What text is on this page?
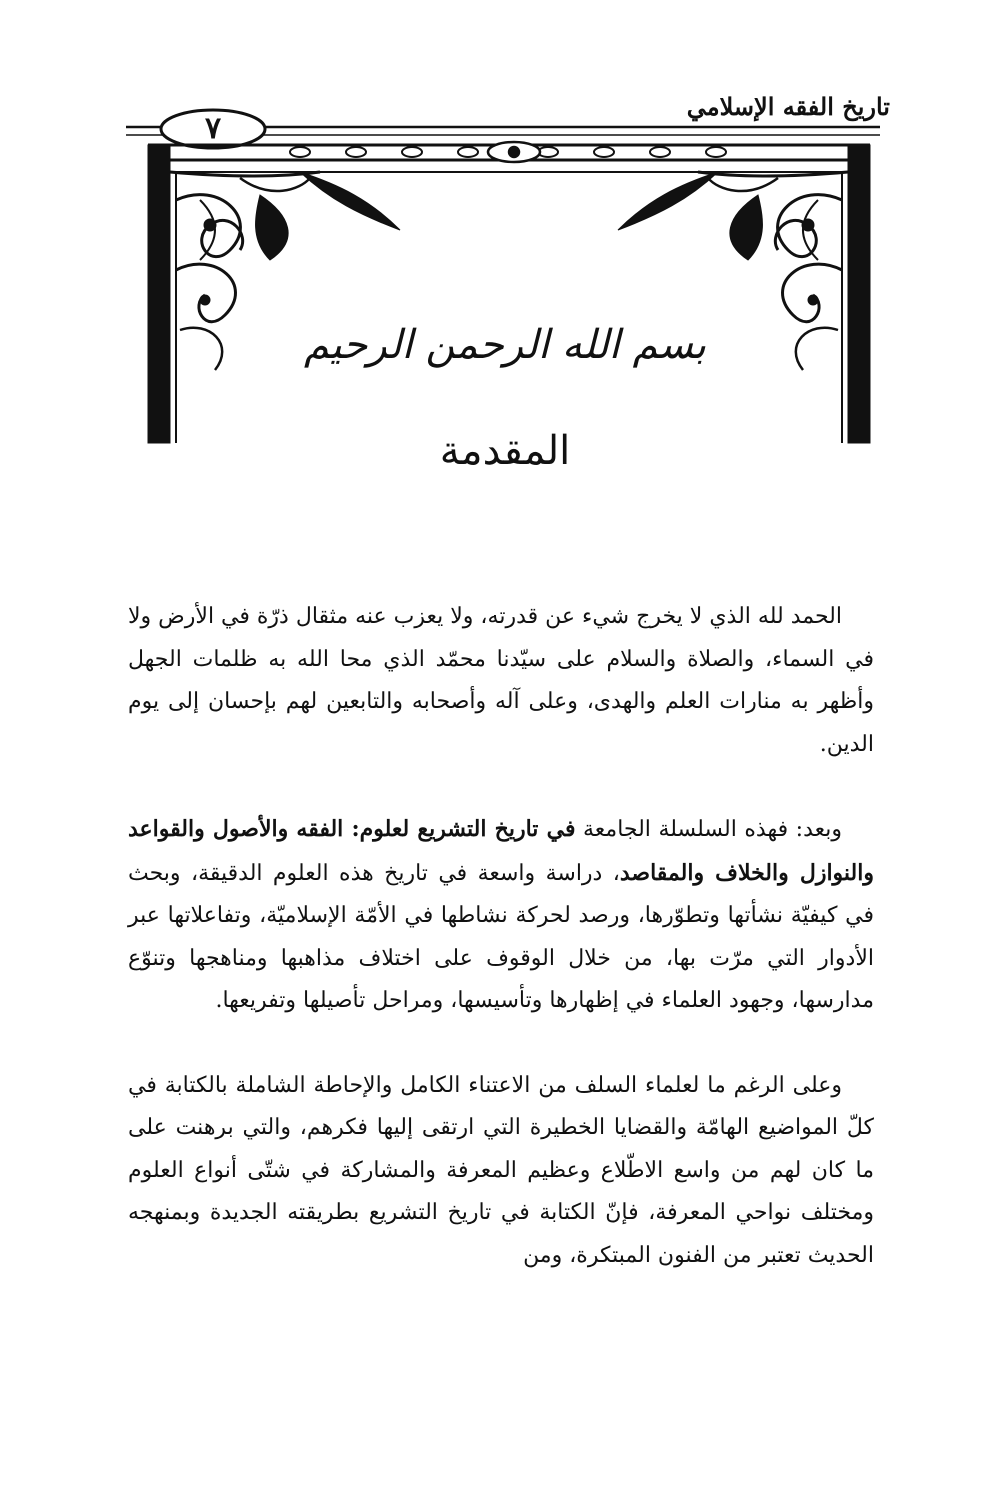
تاريخ الفقه الإسلامي
٧
بسم الله الرحمن الرحيم
المقدمة

الحمد لله الذي لا يخرج شيء عن قدرته، ولا يعزب عنه مثقال ذرّة في الأرض ولا في السماء، والصلاة والسلام على سيّدنا محمّد الذي محا الله به ظلمات الجهل وأظهر به منارات العلم والهدى، وعلى آله وأصحابه والتابعين لهم بإحسان إلى يوم الدين.

وبعد: فهذه السلسلة الجامعة في تاريخ التشريع لعلوم: الفقه والأصول والقواعد والنوازل والخلاف والمقاصد، دراسة واسعة في تاريخ هذه العلوم الدقيقة، وبحث في كيفيّة نشأتها وتطوّرها، ورصد لحركة نشاطها في الأمّة الإسلاميّة، وتفاعلاتها عبر الأدوار التي مرّت بها، من خلال الوقوف على اختلاف مذاهبها ومناهجها وتنوّع مدارسها، وجهود العلماء في إظهارها وتأسيسها، ومراحل تأصيلها وتفريعها.

وعلى الرغم ما لعلماء السلف من الاعتناء الكامل والإحاطة الشاملة بالكتابة في كلّ المواضيع الهامّة والقضايا الخطيرة التي ارتقى إليها فكرهم، والتي برهنت على ما كان لهم من واسع الاطّلاع وعظيم المعرفة والمشاركة في شتّى أنواع العلوم ومختلف نواحي المعرفة، فإنّ الكتابة في تاريخ التشريع بطريقته الجديدة وبمنهجه الحديث تعتبر من الفنون المبتكرة، ومن
